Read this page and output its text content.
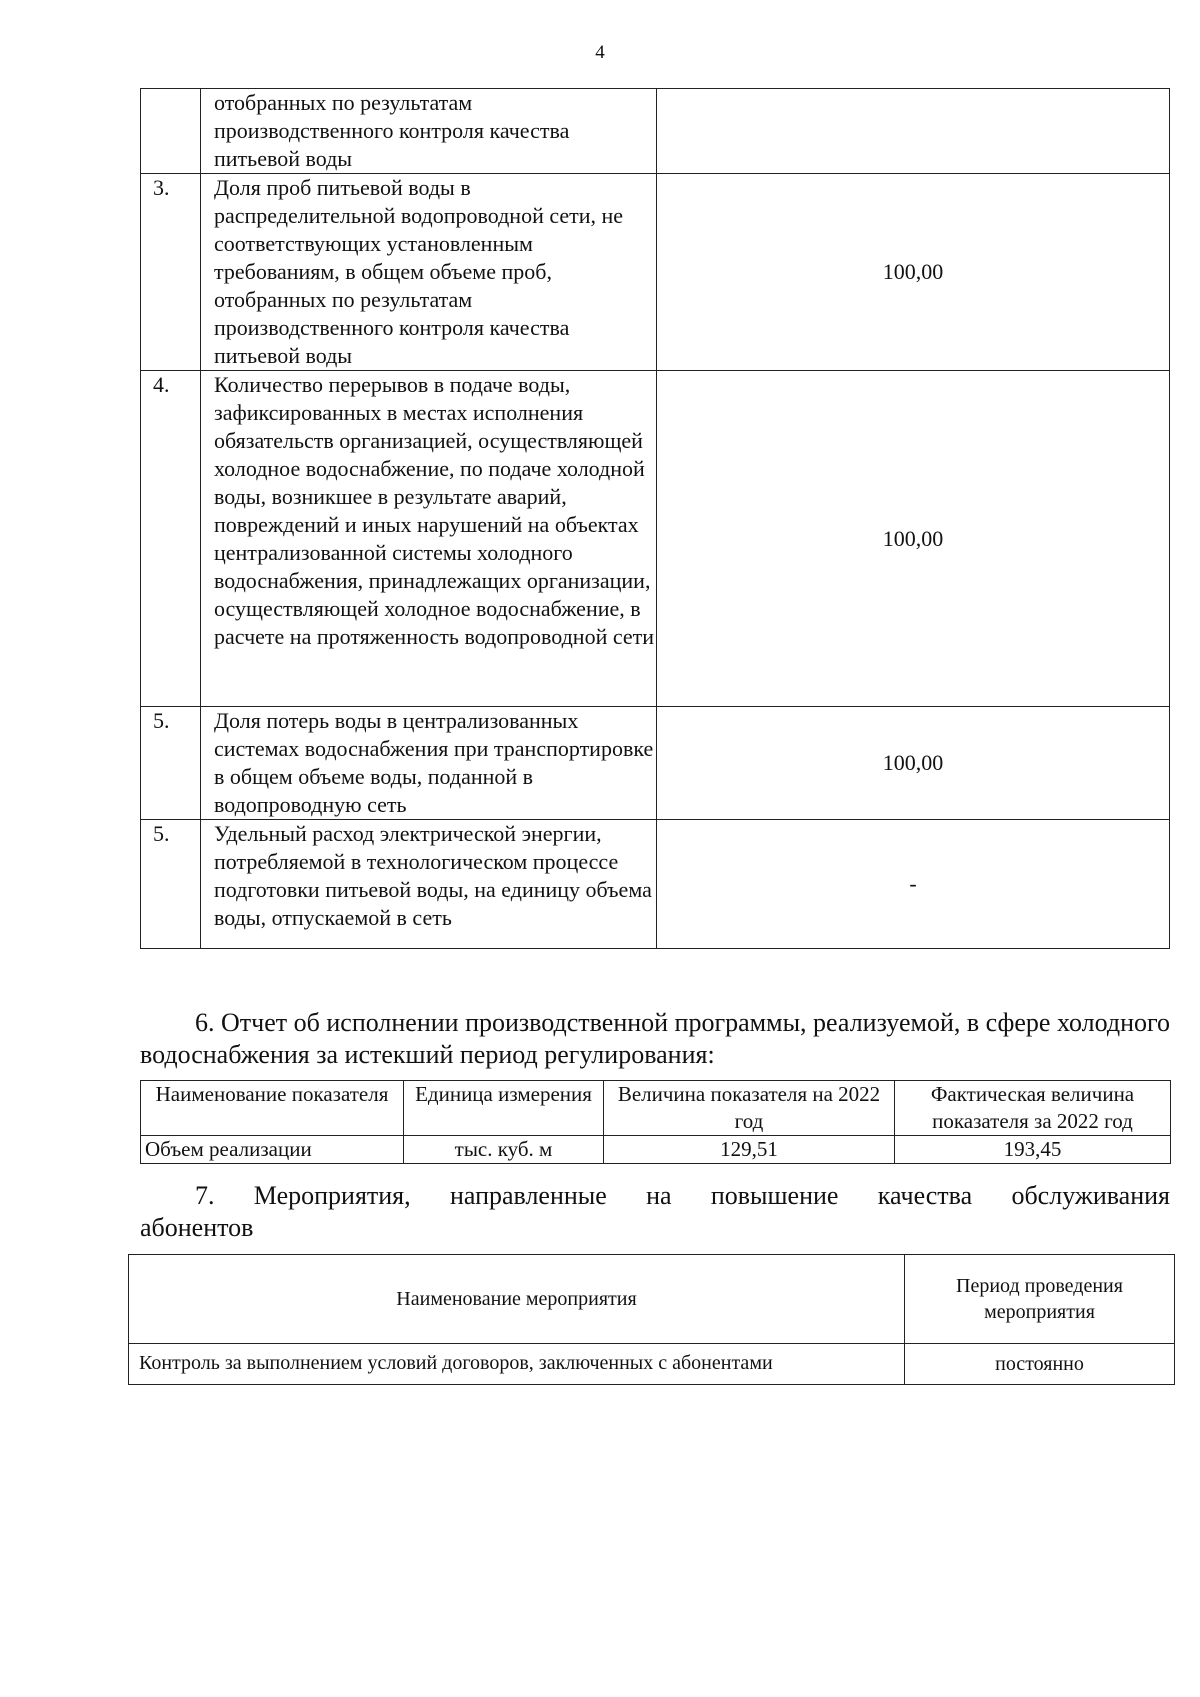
4
	отобранных по результатам производственного контроля качества питьевой воды	
3.	Доля проб питьевой воды в распределительной водопроводной сети, не соответствующих установленным требованиям, в общем объеме проб, отобранных по результатам производственного контроля качества питьевой воды	100,00
4.	Количество перерывов в подаче воды, зафиксированных в местах исполнения обязательств организацией, осуществляющей холодное водоснабжение, по подаче холодной воды, возникшее в результате аварий, повреждений и иных нарушений на объектах централизованной системы холодного водоснабжения, принадлежащих организации, осуществляющей холодное водоснабжение, в расчете на протяженность водопроводной сети	100,00
5.	Доля потерь воды в централизованных системах водоснабжения при транспортировке в общем объеме воды, поданной в водопроводную сеть	100,00
5.	Удельный расход электрической энергии, потребляемой в технологическом процессе подготовки питьевой воды, на единицу объема воды, отпускаемой в сеть	-
6. Отчет об исполнении производственной программы, реализуемой, в сфере холодного водоснабжения за истекший период регулирования:
Наименование показателя	Единица измерения	Величина показателя на 2022 год	Фактическая величина показателя за 2022 год
Объем реализации	тыс. куб. м	129,51	193,45
7. Мероприятия, направленные на повышение качества обслуживания
абонентов
Наименование мероприятия	Период проведения мероприятия
Контроль за выполнением условий договоров, заключенных с абонентами	постоянно
